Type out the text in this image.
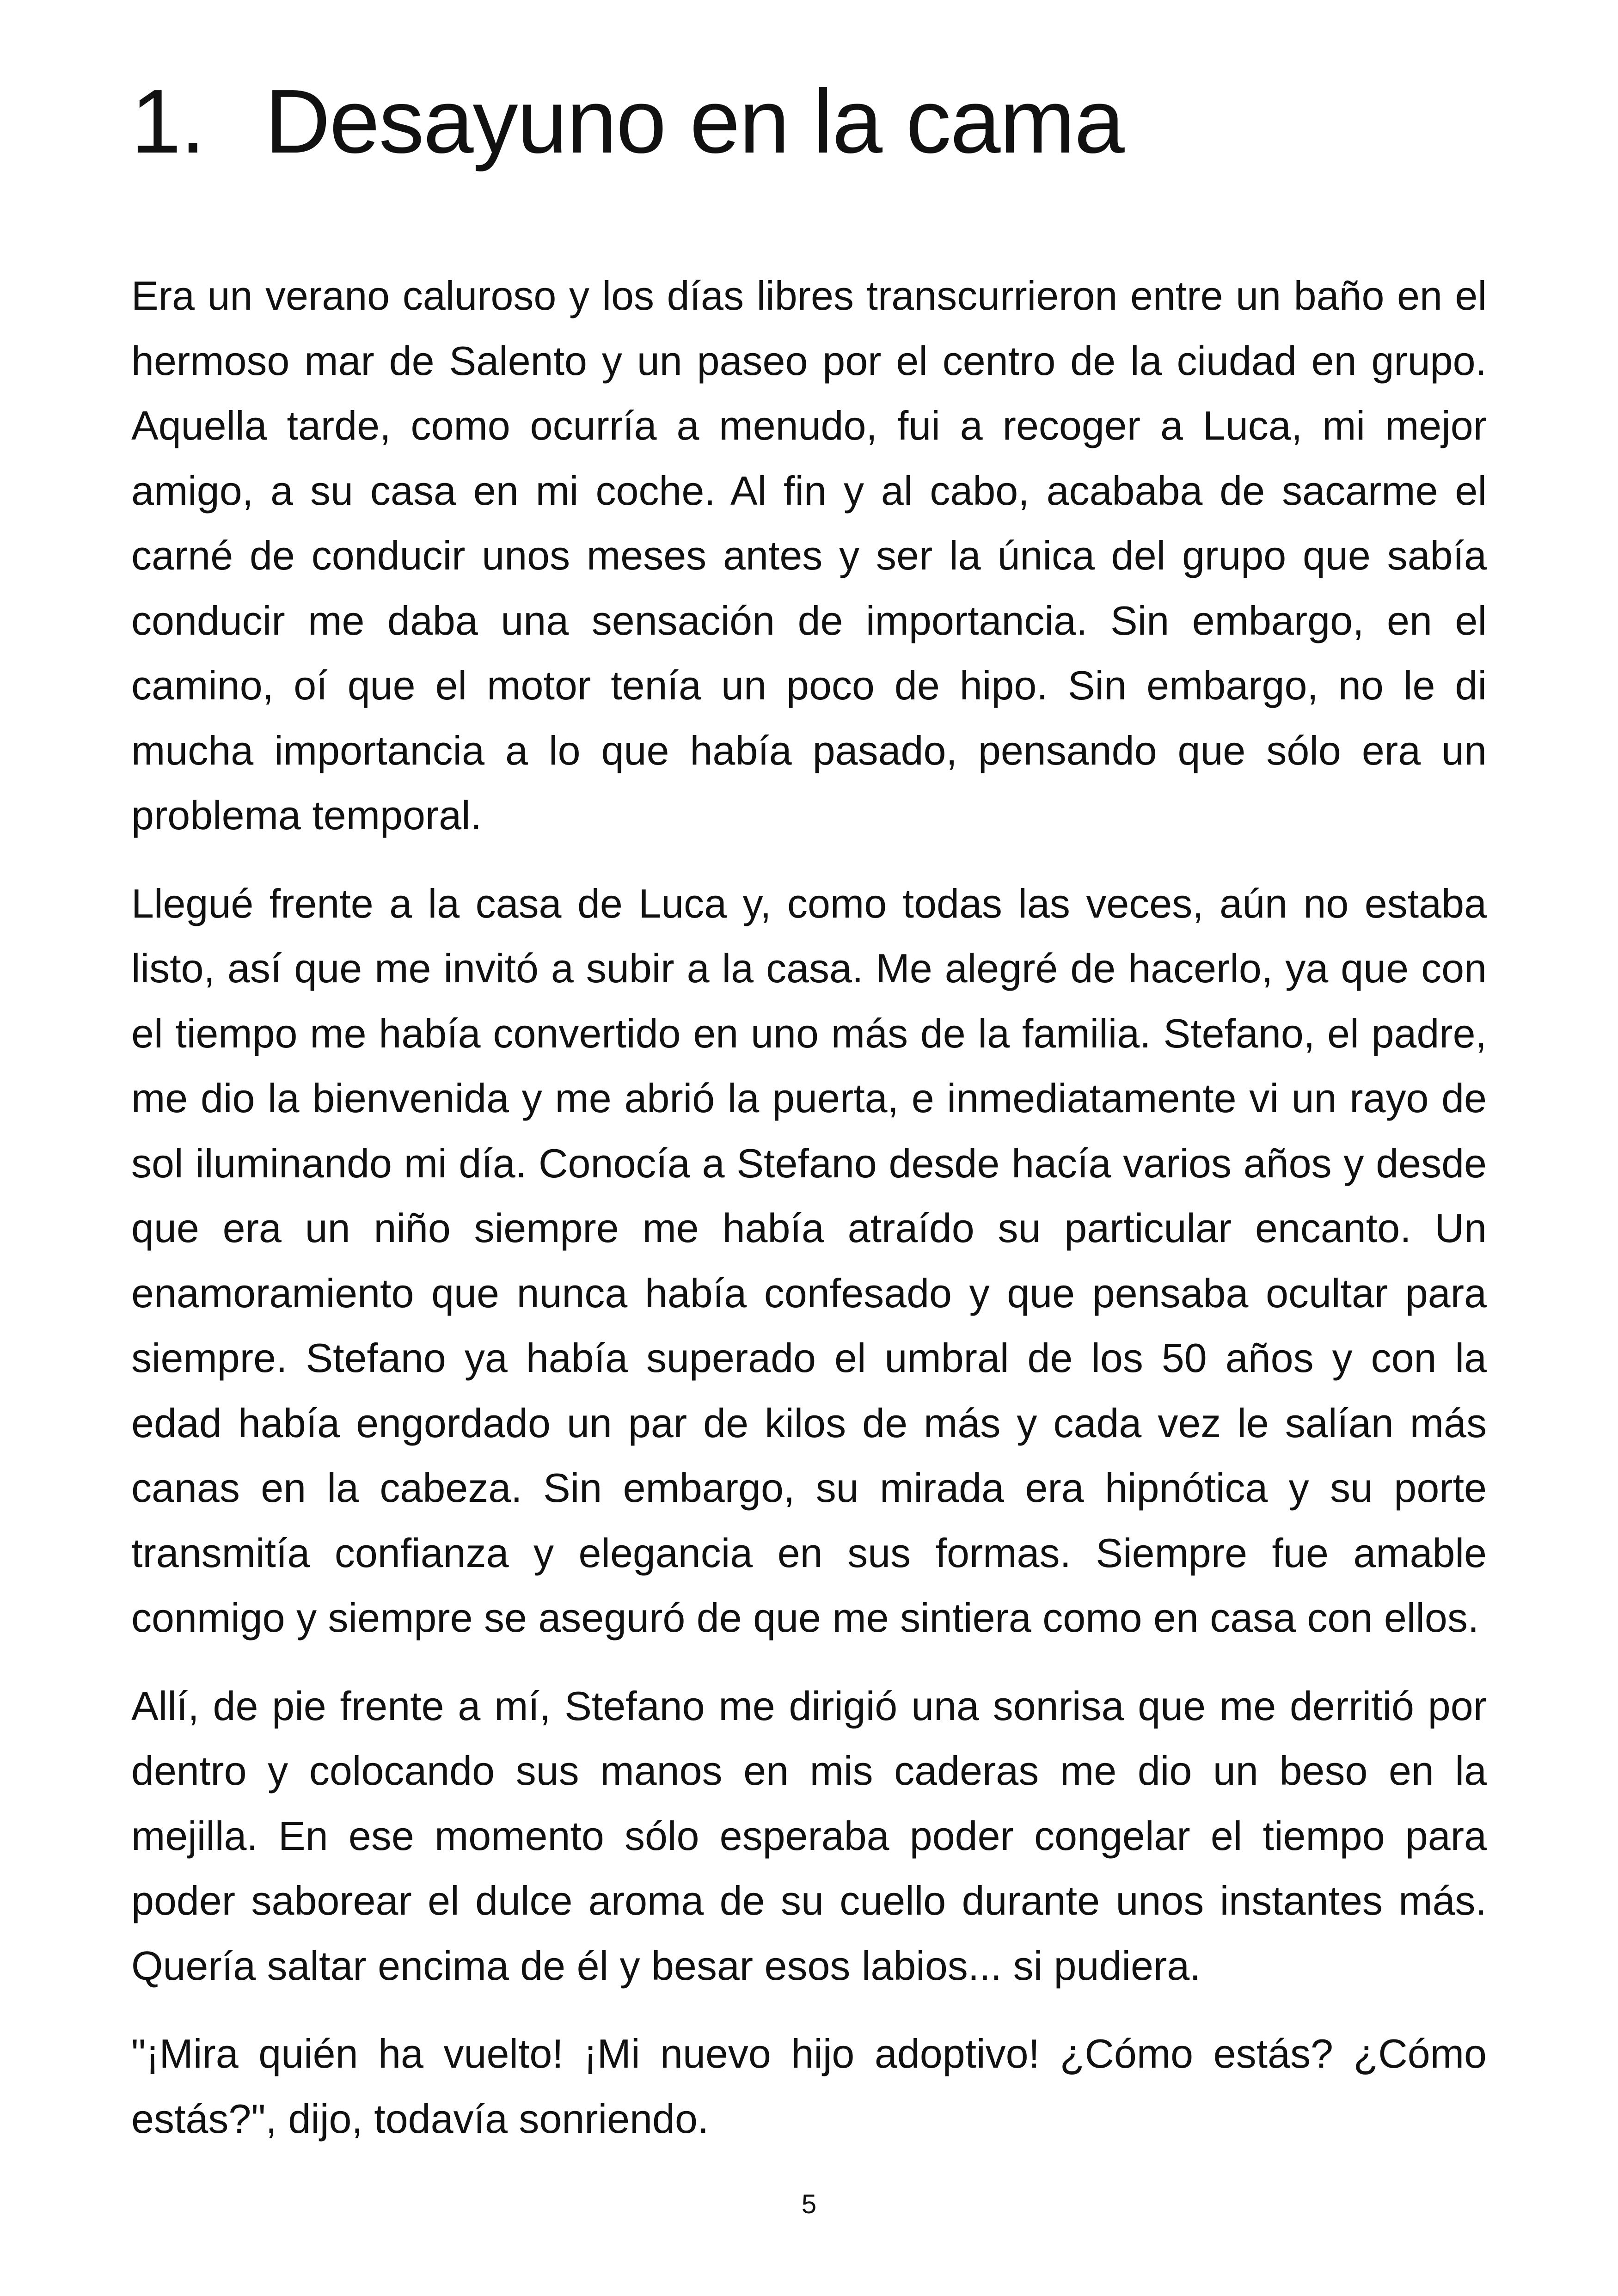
1. Desayuno en la cama

Era un verano caluroso y los días libres transcurrieron entre un baño en el hermoso mar de Salento y un paseo por el centro de la ciudad en grupo. Aquella tarde, como ocurría a menudo, fui a recoger a Luca, mi mejor amigo, a su casa en mi coche. Al fin y al cabo, acababa de sacarme el carné de conducir unos meses antes y ser la única del grupo que sabía conducir me daba una sensación de importancia. Sin embargo, en el camino, oí que el motor tenía un poco de hipo. Sin embargo, no le di mucha importancia a lo que había pasado, pensando que sólo era un problema temporal.

Llegué frente a la casa de Luca y, como todas las veces, aún no estaba listo, así que me invitó a subir a la casa. Me alegré de hacerlo, ya que con el tiempo me había convertido en uno más de la familia. Stefano, el padre, me dio la bienvenida y me abrió la puerta, e inmediatamente vi un rayo de sol iluminando mi día. Conocía a Stefano desde hacía varios años y desde que era un niño siempre me había atraído su particular encanto. Un enamoramiento que nunca había confesado y que pensaba ocultar para siempre. Stefano ya había superado el umbral de los 50 años y con la edad había engordado un par de kilos de más y cada vez le salían más canas en la cabeza. Sin embargo, su mirada era hipnótica y su porte transmitía confianza y elegancia en sus formas. Siempre fue amable conmigo y siempre se aseguró de que me sintiera como en casa con ellos.

Allí, de pie frente a mí, Stefano me dirigió una sonrisa que me derritió por dentro y colocando sus manos en mis caderas me dio un beso en la mejilla. En ese momento sólo esperaba poder congelar el tiempo para poder saborear el dulce aroma de su cuello durante unos instantes más. Quería saltar encima de él y besar esos labios... si pudiera.

"¡Mira quién ha vuelto! ¡Mi nuevo hijo adoptivo! ¿Cómo estás? ¿Cómo estás?", dijo, todavía sonriendo.

5
